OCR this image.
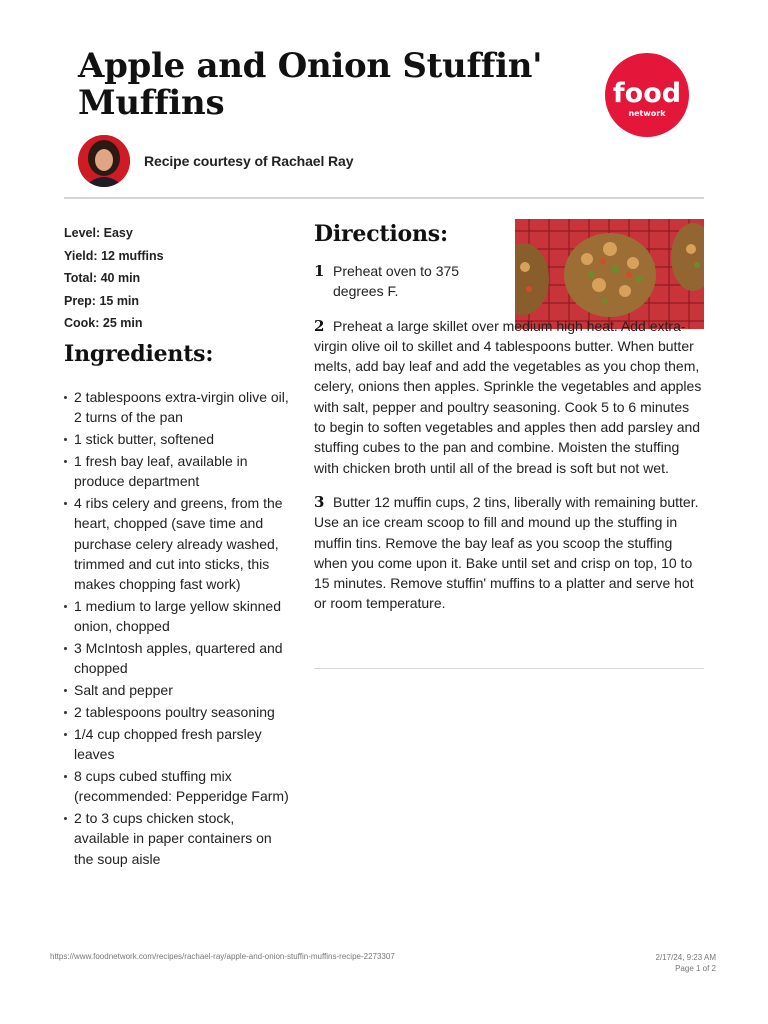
Apple and Onion Stuffin' Muffins	food
network
Recipe courtesy of Rachael Ray
Level: Easy
Yield: 12 muffins
Total: 40 min
Prep: 15 min
Cook: 25 min
Ingredients:
2 tablespoons extra-virgin olive oil, 2 turns of the pan
1 stick butter, softened
1 fresh bay leaf, available in produce department
4 ribs celery and greens, from the heart, chopped (save time and purchase celery already washed, trimmed and cut into sticks, this makes chopping fast work)
1 medium to large yellow skinned onion, chopped
3 McIntosh apples, quartered and chopped
Salt and pepper
2 tablespoons poultry seasoning
1/4 cup chopped fresh parsley leaves
8 cups cubed stuffing mix (recommended: Pepperidge Farm)
2 to 3 cups chicken stock, available in paper containers on the soup aisle
Directions:

1 Preheat oven to 375 degrees F.

2 Preheat a large skillet over medium high heat. Add extra-virgin olive oil to skillet and 4 tablespoons butter. When butter melts, add bay leaf and add the vegetables as you chop them, celery, onions then apples. Sprinkle the vegetables and apples with salt, pepper and poultry seasoning. Cook 5 to 6 minutes to begin to soften vegetables and apples then add parsley and stuffing cubes to the pan and combine. Moisten the stuffing with chicken broth until all of the bread is soft but not wet.

3 Butter 12 muffin cups, 2 tins, liberally with remaining butter. Use an ice cream scoop to fill and mound up the stuffing in muffin tins. Remove the bay leaf as you scoop the stuffing when you come upon it. Bake until set and crisp on top, 10 to 15 minutes. Remove stuffin' muffins to a platter and serve hot or room temperature.

https://www.foodnetwork.com/recipes/rachael-ray/apple-and-onion-stuffin-muffins-recipe-2273307	2/17/24, 9:23 AM
Page 1 of 2
